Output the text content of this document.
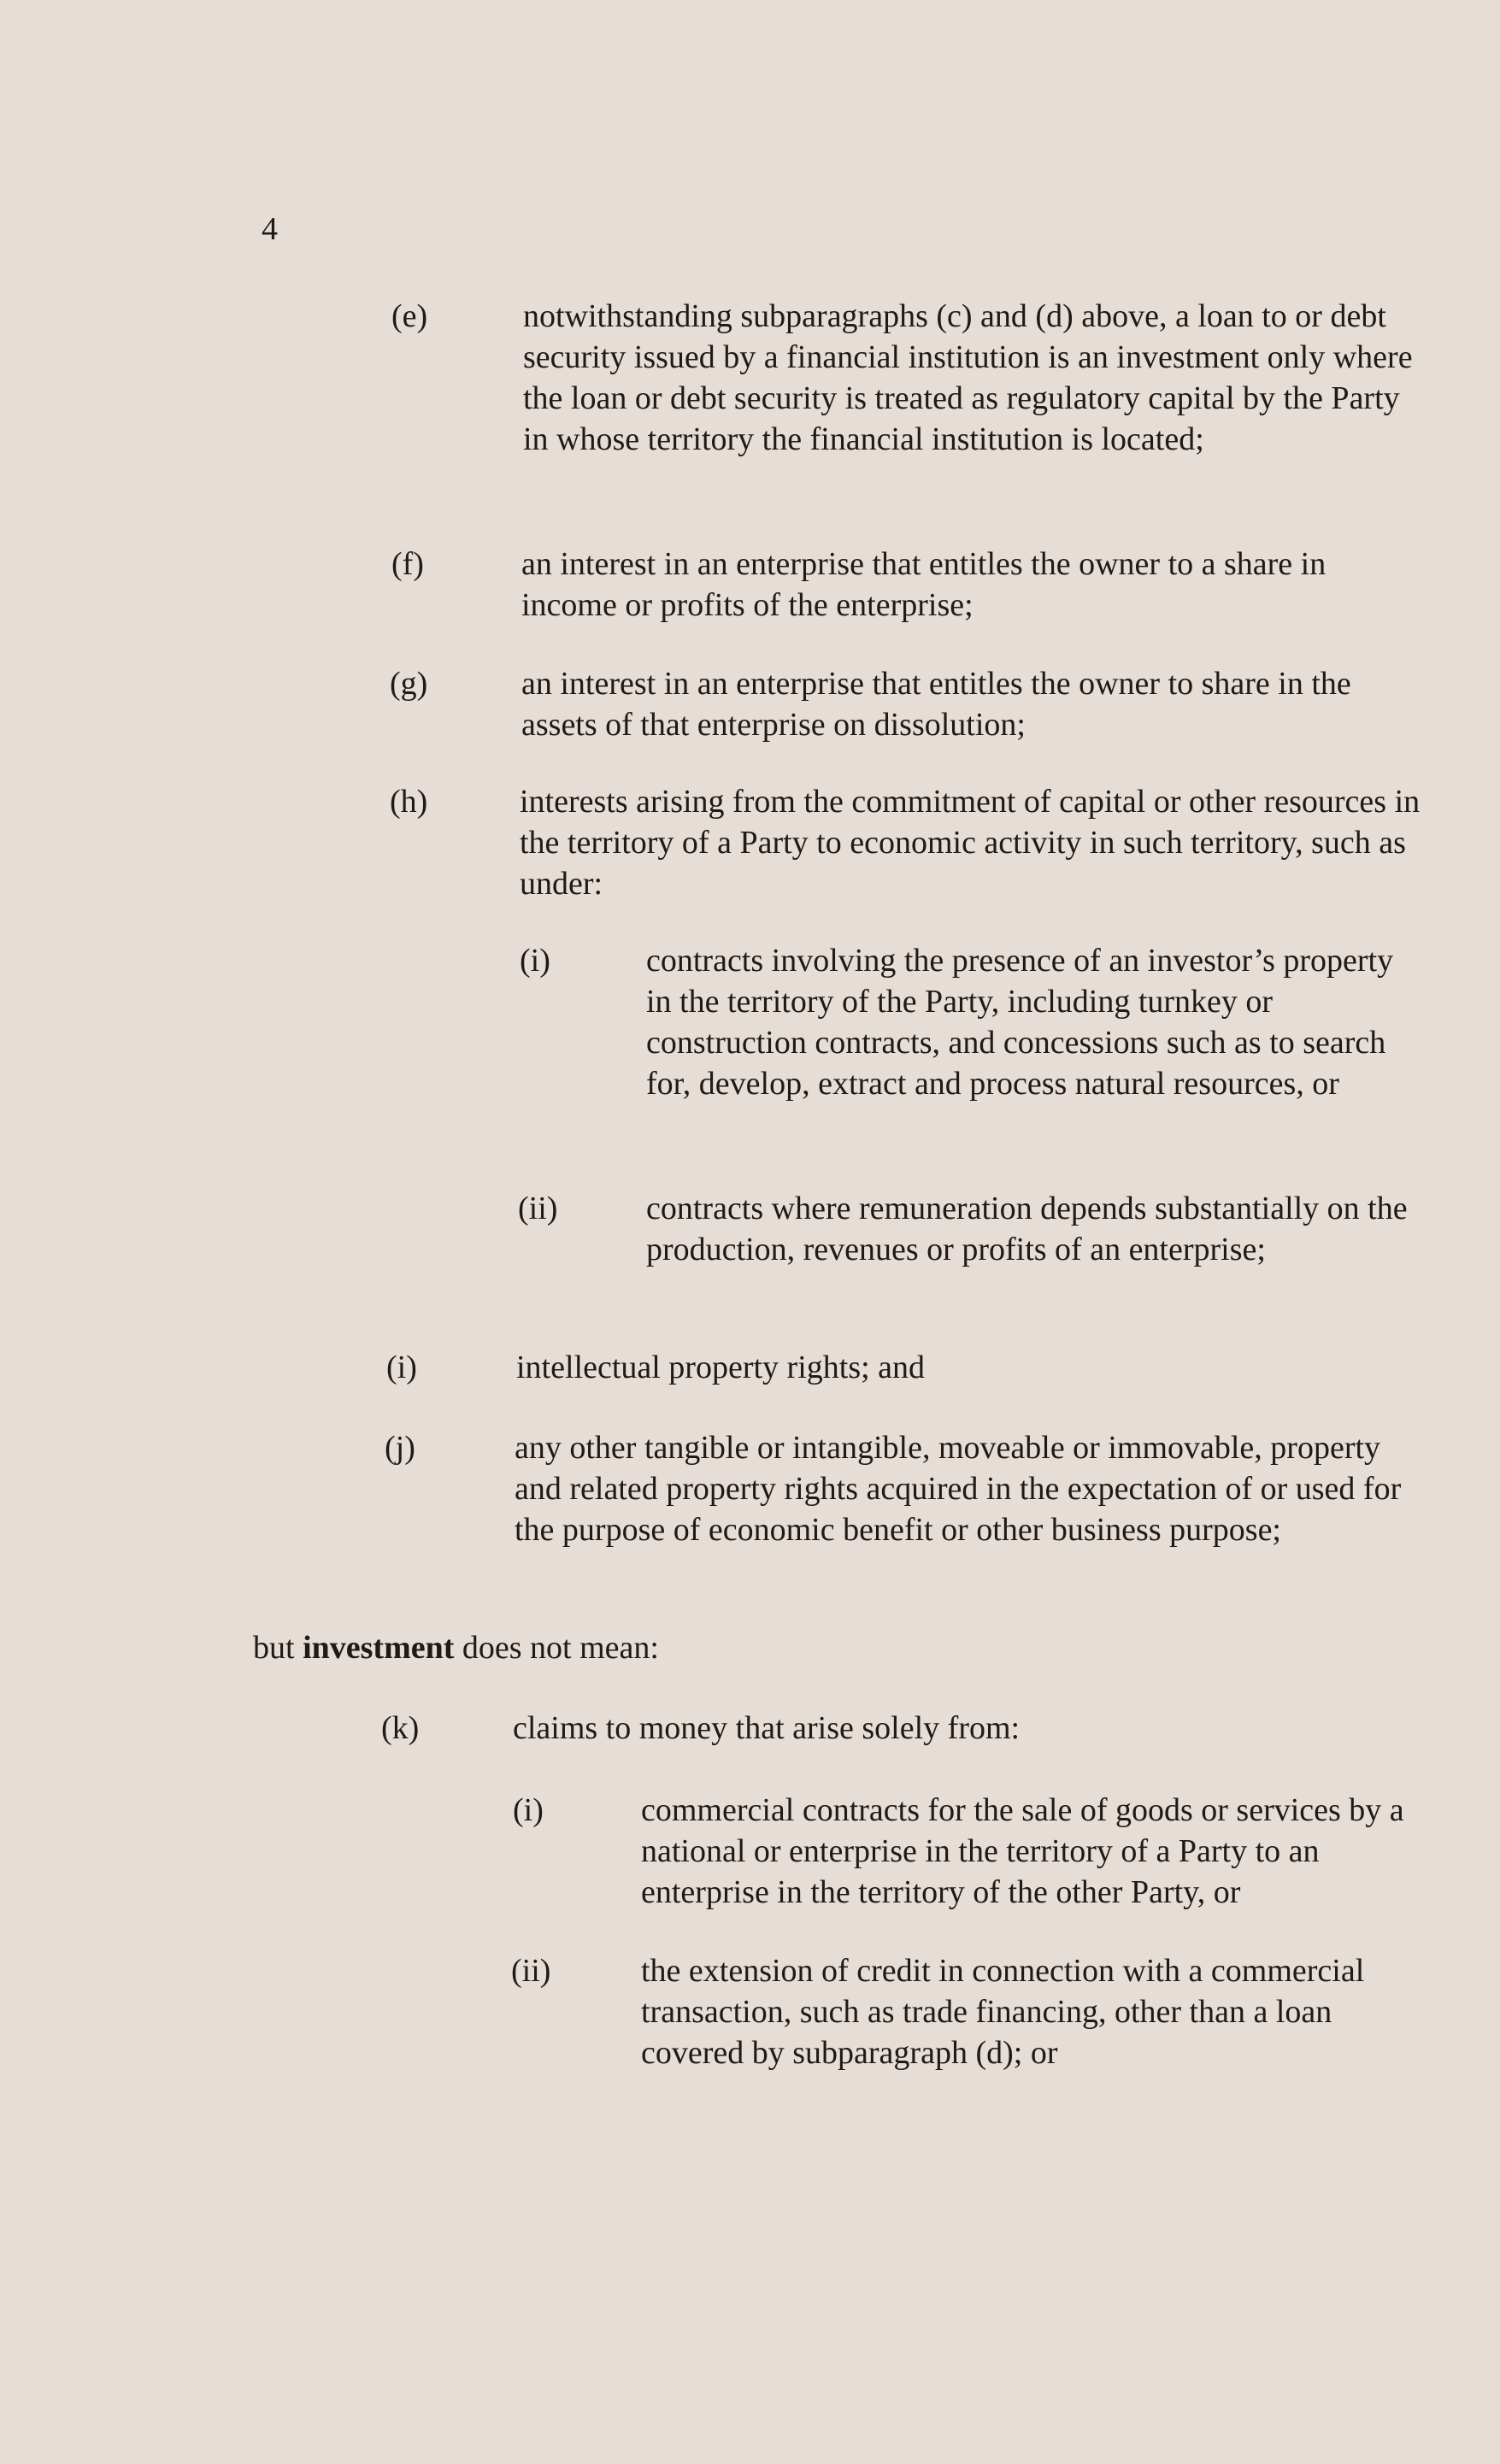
4
(e)	notwithstanding subparagraphs (c) and (d) above, a loan to or debt security issued by a financial institution is an investment only where the loan or debt security is treated as regulatory capital by the Party in whose territory the financial institution is located;
(f)	an interest in an enterprise that entitles the owner to a share in income or profits of the enterprise;
(g)	an interest in an enterprise that entitles the owner to share in the assets of that enterprise on dissolution;
(h)	interests arising from the commitment of capital or other resources in the territory of a Party to economic activity in such territory, such as under:
(i)	contracts involving the presence of an investor’s property in the territory of the Party, including turnkey or construction contracts, and concessions such as to search for, develop, extract and process natural resources, or
(ii)	contracts where remuneration depends substantially on the production, revenues or profits of an enterprise;
(i)	intellectual property rights; and
(j)	any other tangible or intangible, moveable or immovable, property and related property rights acquired in the expectation of or used for the purpose of economic benefit or other business purpose;
but investment does not mean:
(k)	claims to money that arise solely from:
(i)	commercial contracts for the sale of goods or services by a national or enterprise in the territory of a Party to an enterprise in the territory of the other Party, or
(ii)	the extension of credit in connection with a commercial transaction, such as trade financing, other than a loan covered by subparagraph (d); or
